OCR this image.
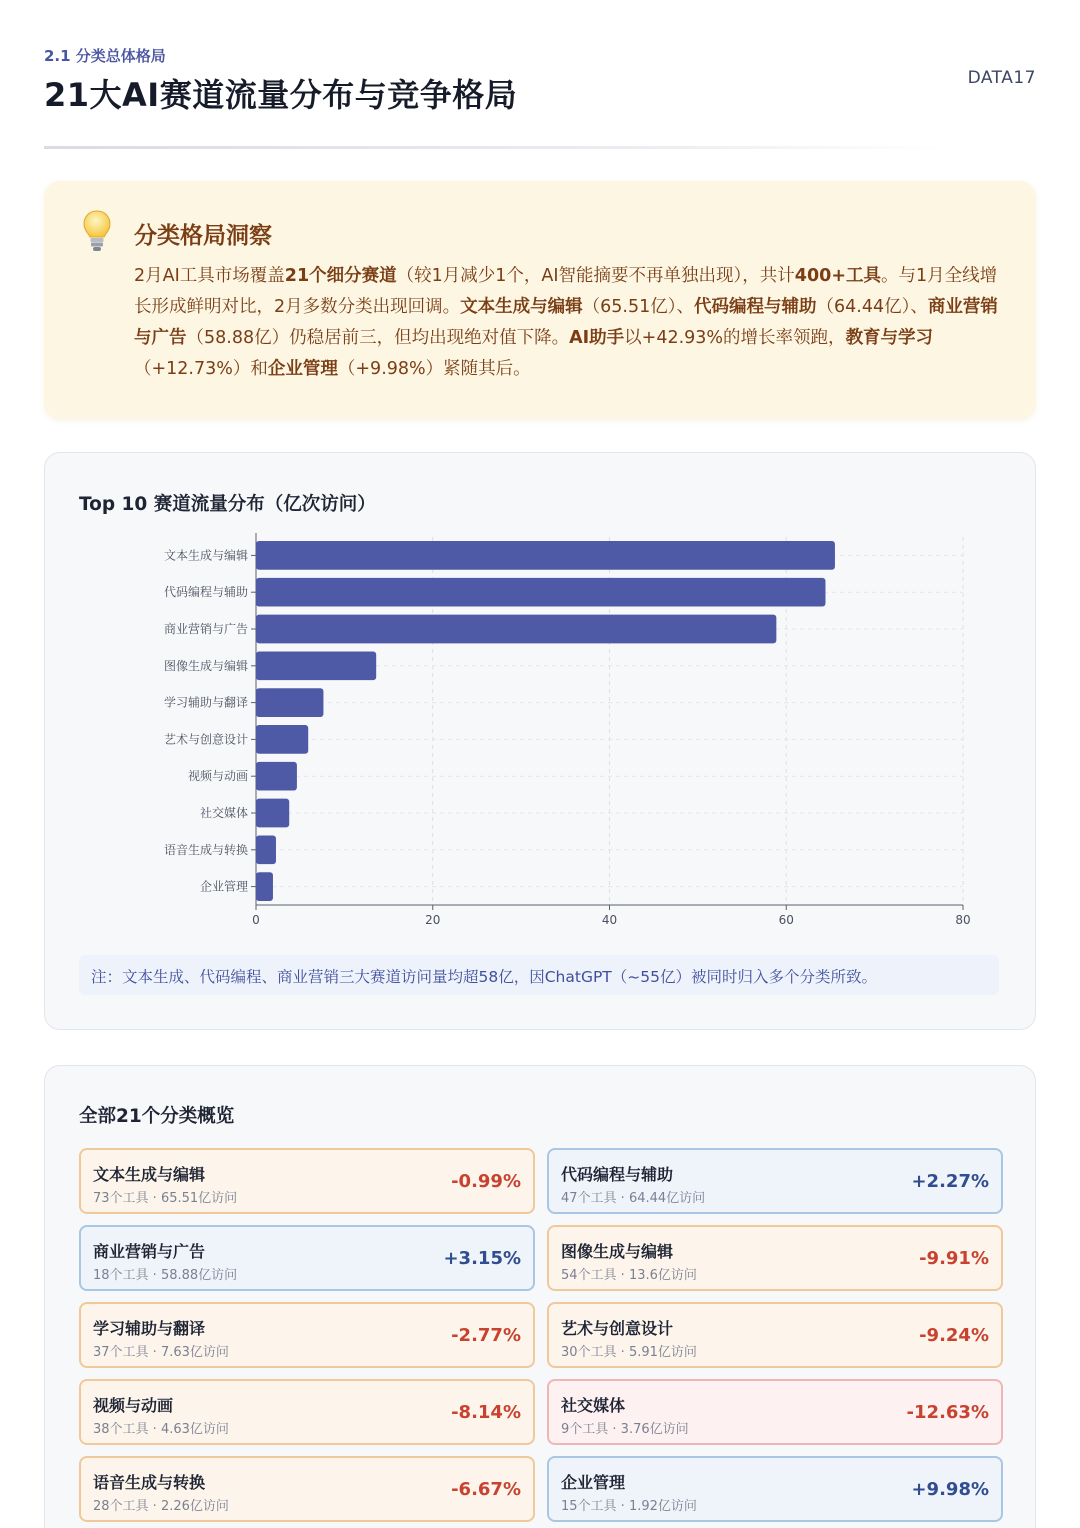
2.1 分类总体格局
21大AI赛道流量分布与竞争格局	DATA17
分类格局洞察
2月AI工具市场覆盖21个细分赛道（较1月减少1个，AI智能摘要不再单独出现），共计400+工具。与1月全线增长形成鲜明对比，2月多数分类出现回调。文本生成与编辑（65.51亿）、代码编程与辅助（64.44亿）、商业营销与广告（58.88亿）仍稳居前三，但均出现绝对值下降。AI助手以+42.93%的增长率领跑，教育与学习（+12.73%）和企业管理（+9.98%）紧随其后。
Top 10 赛道流量分布（亿次访问）
文本生成与编辑
代码编程与辅助
商业营销与广告
图像生成与编辑
学习辅助与翻译
艺术与创意设计
视频与动画
社交媒体
语音生成与转换
企业管理
0	20	40	60	80
注：文本生成、代码编程、商业营销三大赛道访问量均超58亿，因ChatGPT（~55亿）被同时归入多个分类所致。
全部21个分类概览
文本生成与编辑
73个工具 · 65.51亿访问
-0.99%	代码编程与辅助
47个工具 · 64.44亿访问
+2.27%
商业营销与广告
18个工具 · 58.88亿访问
+3.15%	图像生成与编辑
54个工具 · 13.6亿访问
-9.91%
学习辅助与翻译
37个工具 · 7.63亿访问
-2.77%	艺术与创意设计
30个工具 · 5.91亿访问
-9.24%
视频与动画
38个工具 · 4.63亿访问
-8.14%	社交媒体
9个工具 · 3.76亿访问
-12.63%
语音生成与转换
28个工具 · 2.26亿访问
-6.67%	企业管理
15个工具 · 1.92亿访问
+9.98%
